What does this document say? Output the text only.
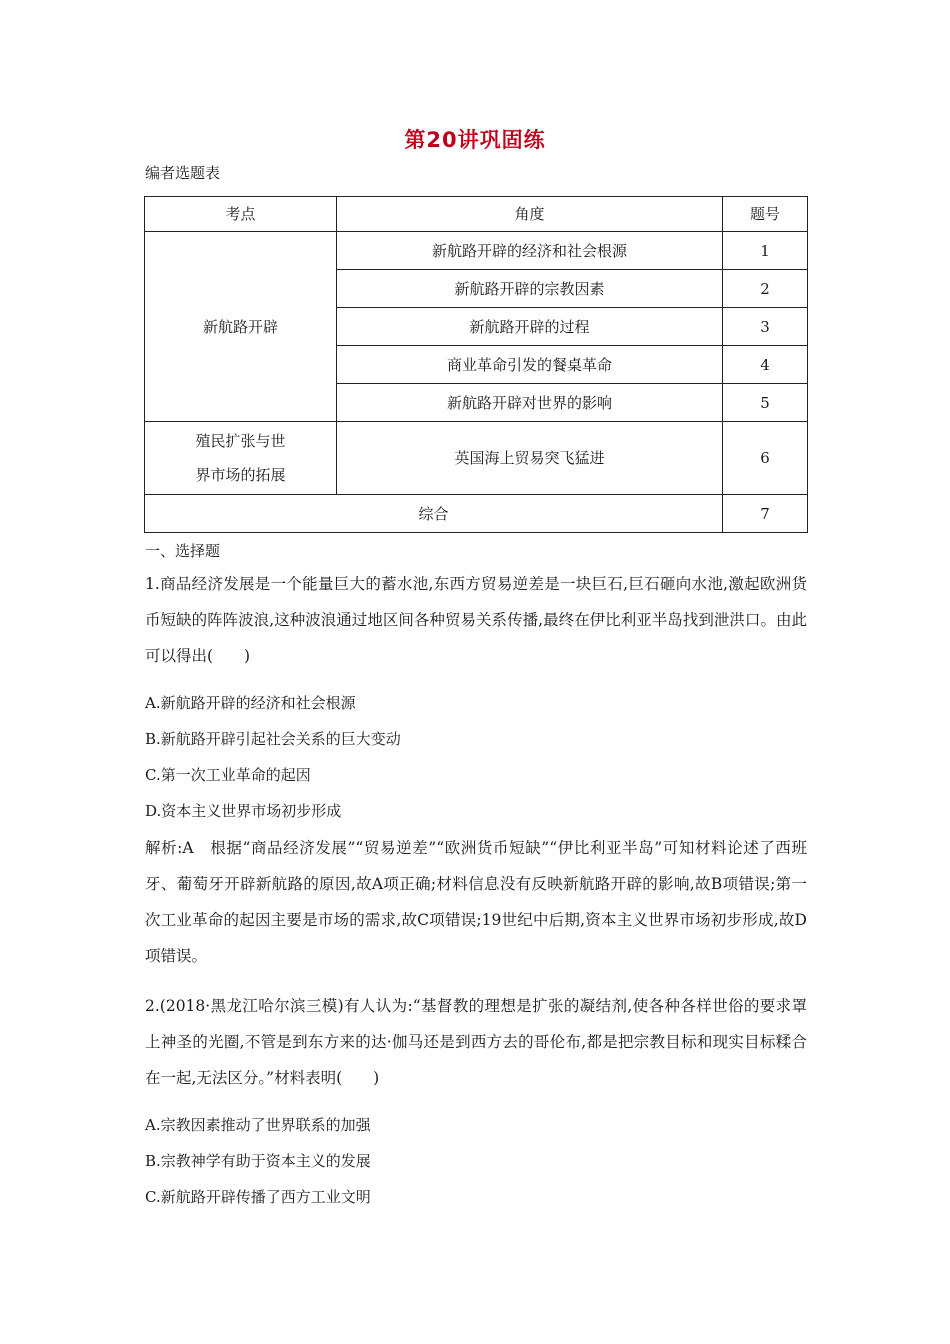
第20讲巩固练
编者选题表
考点	角度	题号
新航路开辟	新航路开辟的经济和社会根源	1
	新航路开辟的宗教因素	2
	新航路开辟的过程	3
	商业革命引发的餐桌革命	4
	新航路开辟对世界的影响	5

殖民扩张与世
界市场的拓展	英国海上贸易突飞猛进	6
综合		7
一、选择题
1.商品经济发展是一个能量巨大的蓄水池,东西方贸易逆差是一块巨石,巨石砸向水池,激起欧洲货币短缺的阵阵波浪,这种波浪通过地区间各种贸易关系传播,最终在伊比利亚半岛找到泄洪口。由此可以得出(　　)
A.新航路开辟的经济和社会根源
B.新航路开辟引起社会关系的巨大变动
C.第一次工业革命的起因
D.资本主义世界市场初步形成
解析:A　根据“商品经济发展”“贸易逆差”“欧洲货币短缺”“伊比利亚半岛”可知材料论述了西班牙、葡萄牙开辟新航路的原因,故A项正确;材料信息没有反映新航路开辟的影响,故B项错误;第一次工业革命的起因主要是市场的需求,故C项错误;19世纪中后期,资本主义世界市场初步形成,故D项错误。
2.(2018·黑龙江哈尔滨三模)有人认为:“基督教的理想是扩张的凝结剂,使各种各样世俗的要求罩上神圣的光圈,不管是到东方来的达·伽马还是到西方去的哥伦布,都是把宗教目标和现实目标糅合在一起,无法区分。”材料表明(　　)
A.宗教因素推动了世界联系的加强
B.宗教神学有助于资本主义的发展
C.新航路开辟传播了西方工业文明
